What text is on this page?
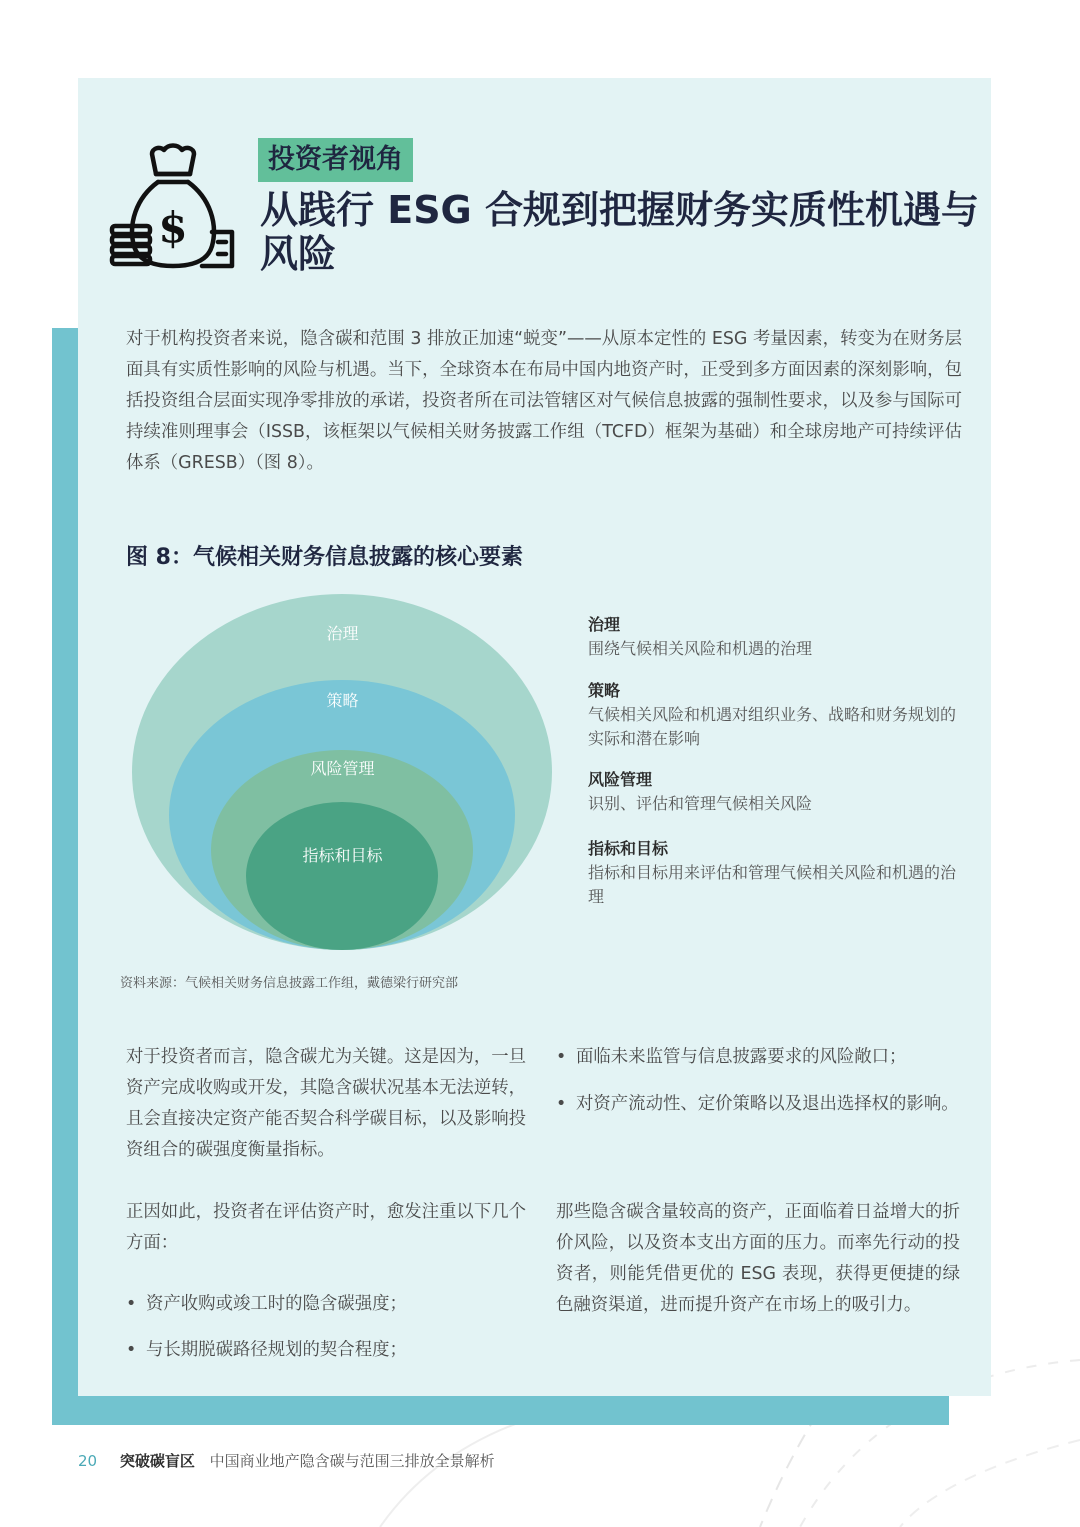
$
投资者视角
从践行 ESG 合规到把握财务实质性机遇与风险
对于机构投资者来说，隐含碳和范围 3 排放正加速“蜕变”——从原本定性的 ESG 考量因素，转变为在财务层面具有实质性影响的风险与机遇。当下，全球资本在布局中国内地资产时，正受到多方面因素的深刻影响，包括投资组合层面实现净零排放的承诺，投资者所在司法管辖区对气候信息披露的强制性要求，以及参与国际可持续准则理事会（ISSB，该框架以气候相关财务披露工作组（TCFD）框架为基础）和全球房地产可持续评估体系（GRESB）（图 8）。
图 8：气候相关财务信息披露的核心要素
治理
策略
风险管理
指标和目标
治理
围绕气候相关风险和机遇的治理
策略
气候相关风险和机遇对组织业务、战略和财务规划的实际和潜在影响
风险管理
识别、评估和管理气候相关风险
指标和目标
指标和目标用来评估和管理气候相关风险和机遇的治理
资料来源：气候相关财务信息披露工作组，戴德梁行研究部
对于投资者而言，隐含碳尤为关键。这是因为，一旦资产完成收购或开发，其隐含碳状况基本无法逆转，且会直接决定资产能否契合科学碳目标，以及影响投资组合的碳强度衡量指标。
正因如此，投资者在评估资产时，愈发注重以下几个方面：
• 资产收购或竣工时的隐含碳强度；
• 与长期脱碳路径规划的契合程度；
• 面临未来监管与信息披露要求的风险敞口；
• 对资产流动性、定价策略以及退出选择权的影响。
那些隐含碳含量较高的资产，正面临着日益增大的折价风险，以及资本支出方面的压力。而率先行动的投资者，则能凭借更优的 ESG 表现，获得更便捷的绿色融资渠道，进而提升资产在市场上的吸引力。
20 突破碳盲区 中国商业地产隐含碳与范围三排放全景解析
